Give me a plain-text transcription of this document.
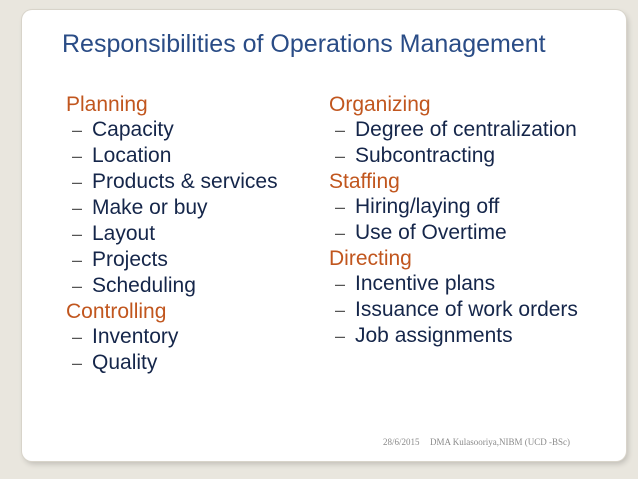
Responsibilities of Operations Management
Planning
– Capacity
– Location
– Products & services
– Make or buy
– Layout
– Projects
– Scheduling
Controlling
– Inventory
– Quality
Organizing
– Degree of centralization
– Subcontracting
Staffing
– Hiring/laying off
– Use of Overtime
Directing
– Incentive plans
– Issuance of work orders
– Job assignments
28/6/2015 DMA Kulasooriya,NIBM (UCD -BSc)
